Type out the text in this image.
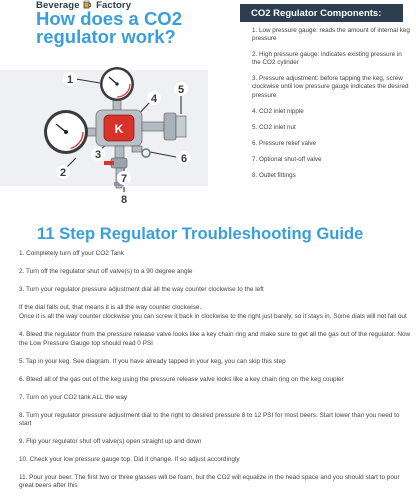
Beverage Factory
How does a CO2
regulator work?
K
1
2
3
4
5
6
7
8
CO2 Regulator Components:
1. Low pressure gauge: reads the amount of internal keg pressure
2. High pressure gauge: indicates existing pressure in the CO2 cylinder
3. Pressure adjustment: before tapping the keg, screw clockwise until low pressure gauge indicates the desired pressure
4. CO2 inlet nipple
5. CO2 inlet nut
6. Pressure relief valve
7. Optional shut-off valve
8. Outlet fittings
11 Step Regulator Troubleshooting Guide

1. Completely turn off your CO2 Tank

2. Turn off the regulator shut off valve(s) to a 90 degree angle

3. Turn your regulator pressure adjustment dial all the way counter clockwise to the left

If the dial falls out, that means it is all the way counter clockwise.

Once it is all the way counter clockwise you can screw it back in clockwise to the right just barely, so it stays in. Some dials will not fall out

4. Bleed the regulator from the pressure release valve looks like a key chain ring and make sure to get all the gas out of the regulator. Now the Low Pressure Gauge top should read 0 PSI

5. Tap in your keg. See diagram. If you have already tapped in your keg, you can skip this step

6. Bleed all of the gas out of the keg using the pressure release valve looks like a key chain ring on the keg coupler

7. Turn on your CO2 tank ALL the way

8. Turn your regulator pressure adjustment dial to the right to desired pressure 8 to 12 PSI for most beers. Start lower than you need to start

9. Flip your regulator shut off valve(s) open straight up and down

10. Check your low pressure gauge top. Did it change. If so adjust accordingly

11. Pour your beer. The first two or three glasses will be foam, but the CO2 will equalize in the head space and you should start to pour great beers after this
